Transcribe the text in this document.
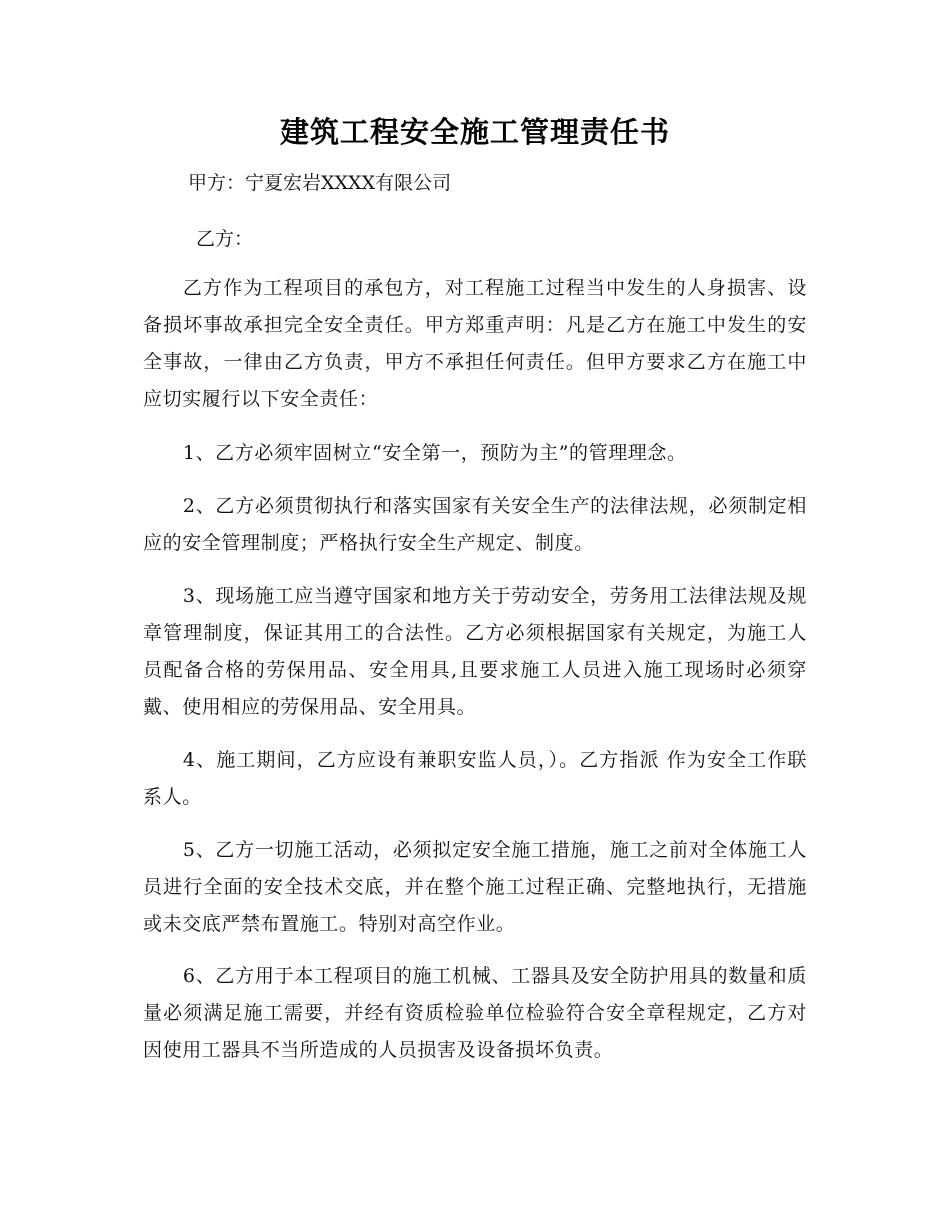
建筑工程安全施工管理责任书
甲方：宁夏宏岩XXXX有限公司
乙方：
乙方作为工程项目的承包方，对工程施工过程当中发生的人身损害、设备损坏事故承担完全安全责任。甲方郑重声明：凡是乙方在施工中发生的安全事故，一律由乙方负责，甲方不承担任何责任。但甲方要求乙方在施工中应切实履行以下安全责任：
1、乙方必须牢固树立“安全第一，预防为主”的管理理念。
2、乙方必须贯彻执行和落实国家有关安全生产的法律法规，必须制定相应的安全管理制度；严格执行安全生产规定、制度。
3、现场施工应当遵守国家和地方关于劳动安全，劳务用工法律法规及规章管理制度，保证其用工的合法性。乙方必须根据国家有关规定，为施工人员配备合格的劳保用品、安全用具,且要求施工人员进入施工现场时必须穿戴、使用相应的劳保用品、安全用具。
4、施工期间，乙方应设有兼职安监人员，）。乙方指派 作为安全工作联系人。
5、乙方一切施工活动，必须拟定安全施工措施，施工之前对全体施工人员进行全面的安全技术交底，并在整个施工过程正确、完整地执行，无措施或未交底严禁布置施工。特别对高空作业。
6、乙方用于本工程项目的施工机械、工器具及安全防护用具的数量和质量必须满足施工需要，并经有资质检验单位检验符合安全章程规定，乙方对因使用工器具不当所造成的人员损害及设备损坏负责。
